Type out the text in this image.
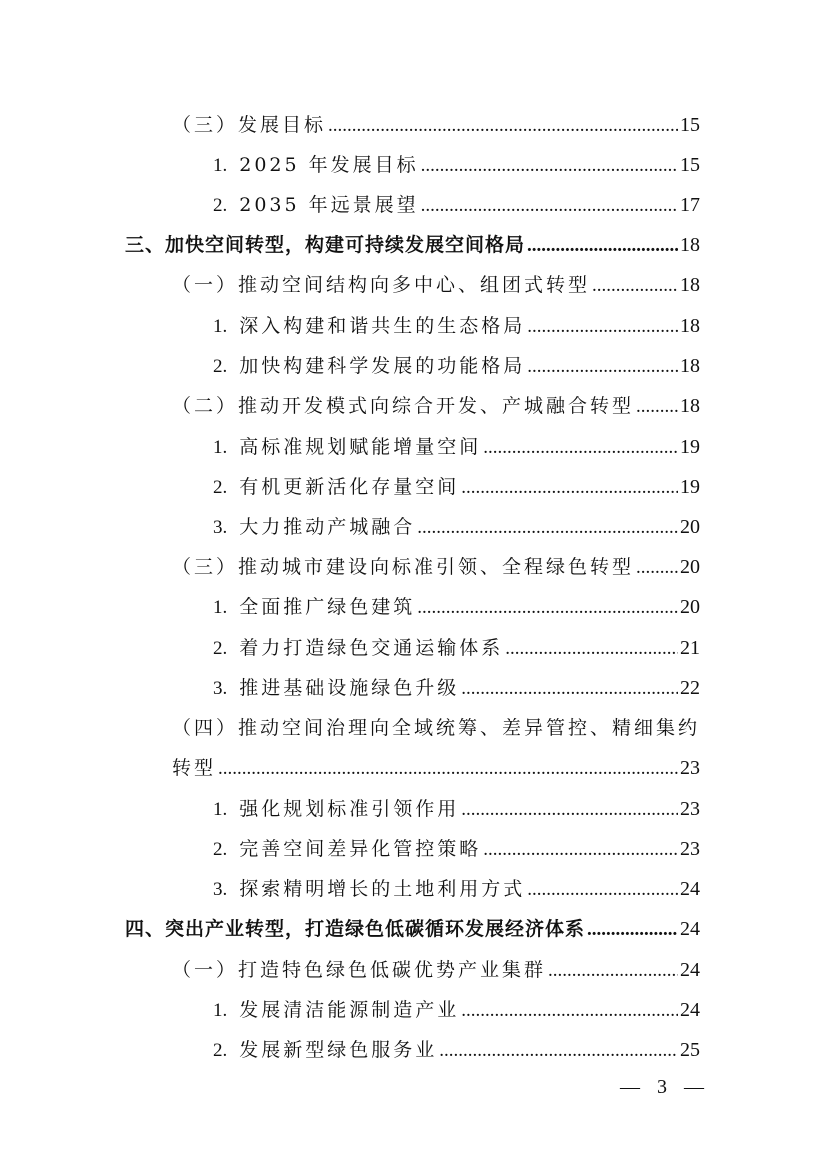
（三） 发展目标 .....	15
1. 2025 年发展目标 .....	15
2. 2035 年远景展望 .....	17
三、 加快空间转型，构建可持续发展空间格局 .....	18
（一） 推动空间结构向多中心、组团式转型 .....	18
1. 深入构建和谐共生的生态格局 .....	18
2. 加快构建科学发展的功能格局 .....	18
（二） 推动开发模式向综合开发、产城融合转型 ..... 18
1. 高标准规划赋能增量空间 .....	19
2. 有机更新活化存量空间 .....	19
3. 大力推动产城融合 .....	20
（三） 推动城市建设向标准引领、全程绿色转型 ..... 20
1. 全面推广绿色建筑 .....	20
2. 着力打造绿色交通运输体系 .....	21
3. 推进基础设施绿色升级 .....	22
（四）推动空间治理向全域统筹、差异管控、精细集约
转型 .....	23
1. 强化规划标准引领作用 .....	23
2. 完善空间差异化管控策略 .....	23
3. 探索精明增长的土地利用方式 .....	24
四、 突出产业转型，打造绿色低碳循环发展经济体系 .....	24
（一） 打造特色绿色低碳优势产业集群 .....	24
1. 发展清洁能源制造产业 .....	24
2. 发展新型绿色服务业 .....	25
— 3 —
